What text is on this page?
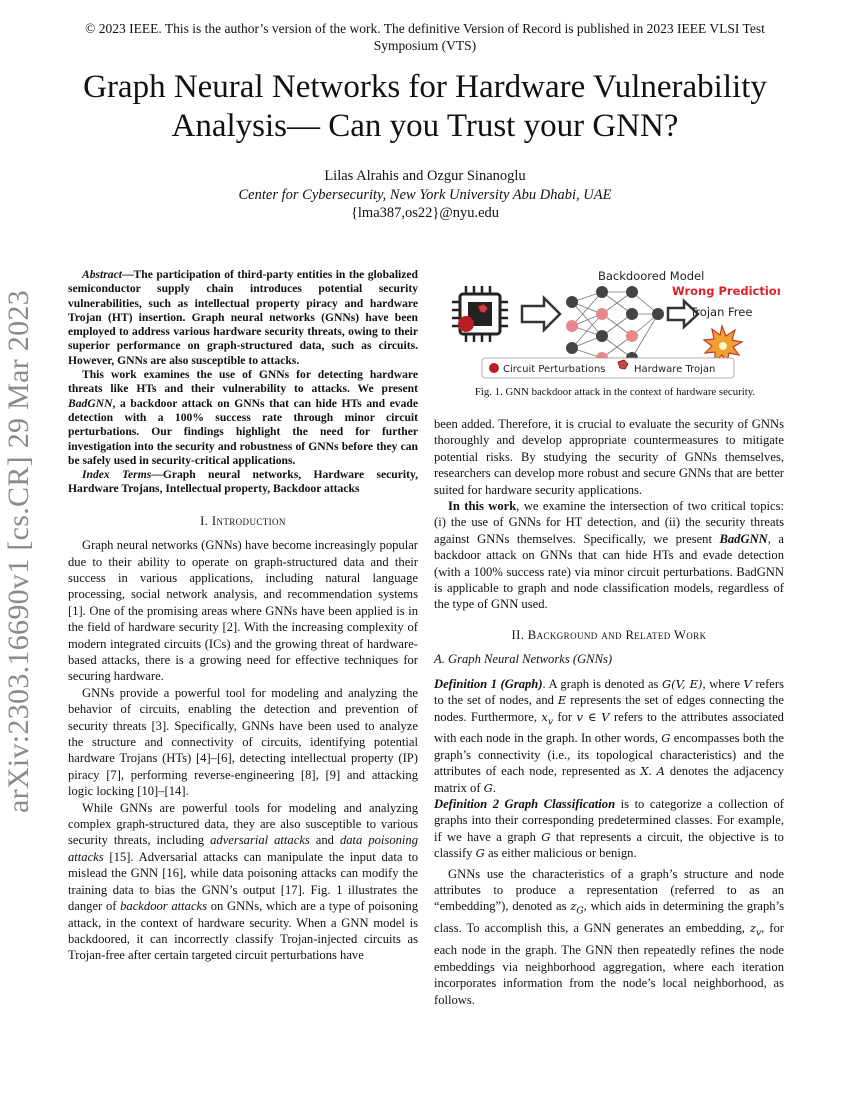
© 2023 IEEE. This is the author’s version of the work. The definitive Version of Record is published in 2023 IEEE VLSI Test Symposium (VTS)
Graph Neural Networks for Hardware Vulnerability Analysis— Can you Trust your GNN?
Lilas Alrahis and Ozgur Sinanoglu
Center for Cybersecurity, New York University Abu Dhabi, UAE
{lma387,os22}@nyu.edu
arXiv:2303.16690v1 [cs.CR] 29 Mar 2023
Abstract—The participation of third-party entities in the globalized semiconductor supply chain introduces potential security vulnerabilities, such as intellectual property piracy and hardware Trojan (HT) insertion. Graph neural networks (GNNs) have been employed to address various hardware security threats, owing to their superior performance on graph-structured data, such as circuits. However, GNNs are also susceptible to attacks.
This work examines the use of GNNs for detecting hardware threats like HTs and their vulnerability to attacks. We present BadGNN, a backdoor attack on GNNs that can hide HTs and evade detection with a 100% success rate through minor circuit perturbations. Our findings highlight the need for further investigation into the security and robustness of GNNs before they can be safely used in security-critical applications.
Index Terms—Graph neural networks, Hardware security, Hardware Trojans, Intellectual property, Backdoor attacks
I. Introduction

Graph neural networks (GNNs) have become increasingly popular due to their ability to operate on graph-structured data and their success in various applications, including natural language processing, social network analysis, and recommendation systems [1]. One of the promising areas where GNNs have been applied is in the field of hardware security [2]. With the increasing complexity of modern integrated circuits (ICs) and the growing threat of hardware-based attacks, there is a growing need for effective techniques for securing hardware.

GNNs provide a powerful tool for modeling and analyzing the behavior of circuits, enabling the detection and prevention of security threats [3]. Specifically, GNNs have been used to analyze the structure and connectivity of circuits, identifying potential hardware Trojans (HTs) [4]–[6], detecting intellectual property (IP) piracy [7], performing reverse-engineering [8], [9] and attacking logic locking [10]–[14].

While GNNs are powerful tools for modeling and analyzing complex graph-structured data, they are also susceptible to various security threats, including adversarial attacks and data poisoning attacks [15]. Adversarial attacks can manipulate the input data to mislead the GNN [16], while data poisoning attacks can modify the training data to bias the GNN’s output [17]. Fig. 1 illustrates the danger of backdoor attacks on GNNs, which are a type of poisoning attack, in the context of hardware security. When a GNN model is backdoored, it can incorrectly classify Trojan-injected circuits as Trojan-free after certain targeted circuit perturbations have

Backdoored Model
Wrong Prediction
Trojan Free
Circuit Perturbations	Hardware Trojan
Fig. 1. GNN backdoor attack in the context of hardware security.

been added. Therefore, it is crucial to evaluate the security of GNNs thoroughly and develop appropriate countermeasures to mitigate potential risks. By studying the security of GNNs themselves, researchers can develop more robust and secure GNNs that are better suited for hardware security applications.

In this work, we examine the intersection of two critical topics: (i) the use of GNNs for HT detection, and (ii) the security threats against GNNs themselves. Specifically, we present BadGNN, a backdoor attack on GNNs that can hide HTs and evade detection (with a 100% success rate) via minor circuit perturbations. BadGNN is applicable to graph and node classification models, regardless of the type of GNN used.

II. Background and Related Work
A. Graph Neural Networks (GNNs)

Definition 1 (Graph). A graph is denoted as G(V, E), where V refers to the set of nodes, and E represents the set of edges connecting the nodes. Furthermore, $x_v$ for v ∈ V refers to the attributes associated with each node in the graph. In other words, G encompasses both the graph’s connectivity (i.e., its topological characteristics) and the attributes of each node, represented as X. A denotes the adjacency matrix of G.

Definition 2 Graph Classification is to categorize a collection of graphs into their corresponding predetermined classes. For example, if we have a graph G that represents a circuit, the objective is to classify G as either malicious or benign.

GNNs use the characteristics of a graph’s structure and node attributes to produce a representation (referred to as an “embedding”), denoted as $z_G$, which aids in determining the graph’s class. To accomplish this, a GNN generates an embedding, $z_v$, for each node in the graph. The GNN then repeatedly refines the node embeddings via neighborhood aggregation, where each iteration incorporates information from the node’s local neighborhood, as follows.
